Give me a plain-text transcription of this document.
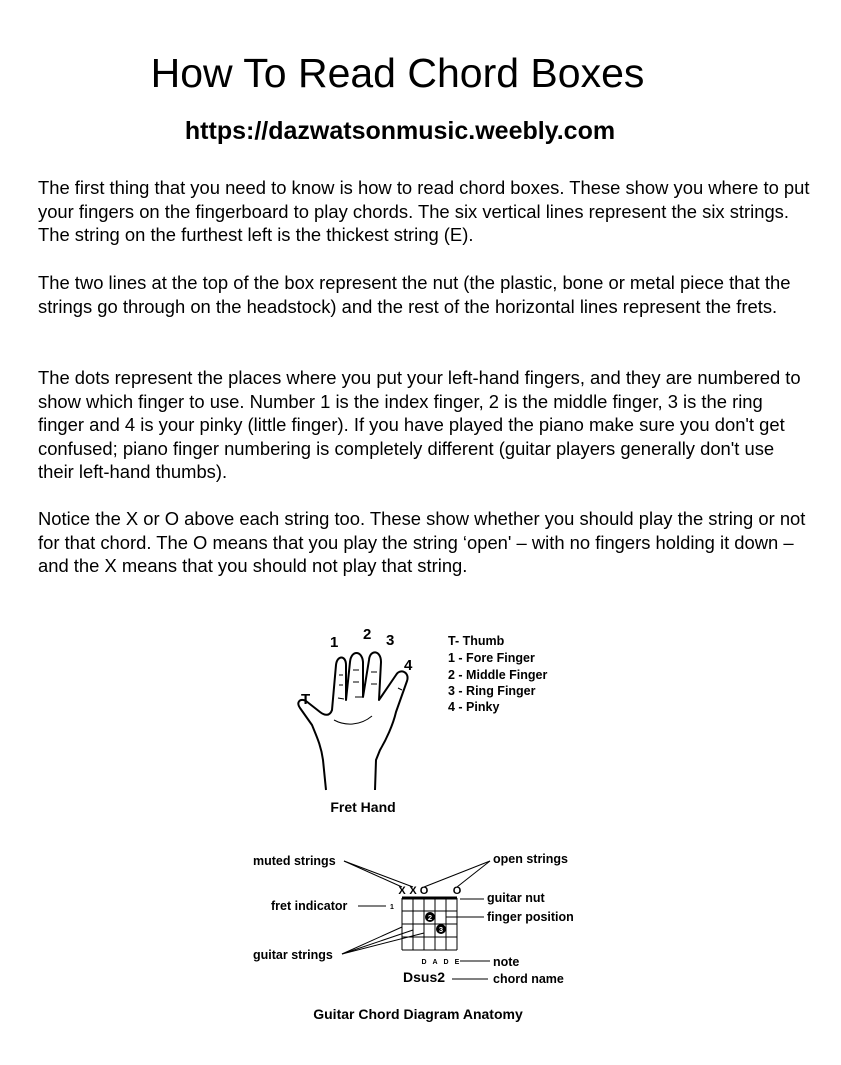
How To Read Chord Boxes
https://dazwatsonmusic.weebly.com

The first thing that you need to know is how to read chord boxes. These show you where to put your fingers on the fingerboard to play chords. The six vertical lines represent the six strings. The string on the furthest left is the thickest string (E).

The two lines at the top of the box represent the nut (the plastic, bone or metal piece that the strings go through on the headstock) and the rest of the horizontal lines represent the frets.

The dots represent the places where you put your left-hand fingers, and they are numbered to show which finger to use. Number 1 is the index finger, 2 is the middle finger, 3 is the ring finger and 4 is your pinky (little finger). If you have played the piano make sure you don't get confused; piano finger numbering is completely different (guitar players generally don't use their left-hand thumbs).

Notice the X or O above each string too. These show whether you should play the string or not for that chord. The O means that you play the string ‘open' – with no fingers holding it down – and the X means that you should not play that string.

1 2 3
4
T
T- Thumb
1 - Fore Finger
2 - Middle Finger
3 - Ring Finger
4 - Pinky
Fret Hand
X X O O
2
3
1
D A D E
Dsus2
muted strings	open strings
fret indicator
guitar nut
finger position
guitar strings	note
chord name
Guitar Chord Diagram Anatomy
